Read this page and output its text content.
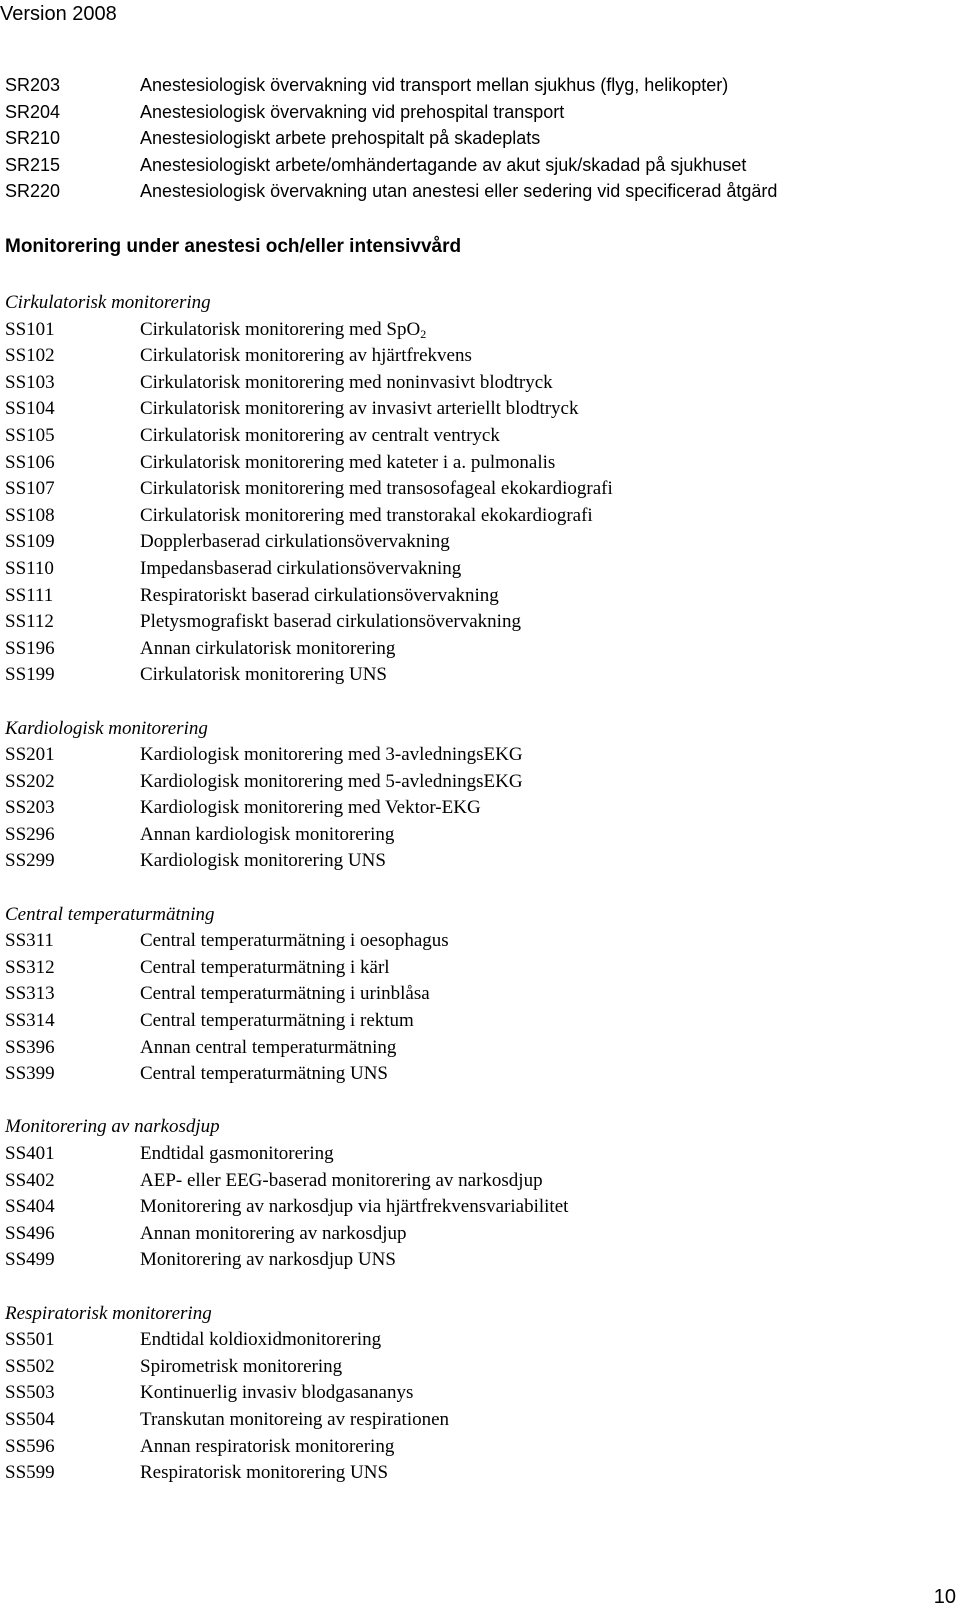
Version 2008
SR203	Anestesiologisk övervakning vid transport mellan sjukhus (flyg, helikopter)
SR204	Anestesiologisk övervakning vid prehospital transport
SR210	Anestesiologiskt arbete prehospitalt på skadeplats
SR215	Anestesiologiskt arbete/omhändertagande av akut sjuk/skadad på sjukhuset
SR220	Anestesiologisk övervakning utan anestesi eller sedering vid specificerad åtgärd
Monitorering under anestesi och/eller intensivvård
Cirkulatorisk monitorering
SS101	Cirkulatorisk monitorering med SpO$_2$
SS102	Cirkulatorisk monitorering av hjärtfrekvens
SS103	Cirkulatorisk monitorering med noninvasivt blodtryck
SS104	Cirkulatorisk monitorering av invasivt arteriellt blodtryck
SS105	Cirkulatorisk monitorering av centralt ventryck
SS106	Cirkulatorisk monitorering med kateter i a. pulmonalis
SS107	Cirkulatorisk monitorering med transosofageal ekokardiografi
SS108	Cirkulatorisk monitorering med transtorakal ekokardiografi
SS109	Dopplerbaserad cirkulationsövervakning
SS110	Impedansbaserad cirkulationsövervakning
SS111	Respiratoriskt baserad cirkulationsövervakning
SS112	Pletysmografiskt baserad cirkulationsövervakning
SS196	Annan cirkulatorisk monitorering
SS199	Cirkulatorisk monitorering UNS
Kardiologisk monitorering
SS201	Kardiologisk monitorering med 3-avledningsEKG
SS202	Kardiologisk monitorering med 5-avledningsEKG
SS203	Kardiologisk monitorering med Vektor-EKG
SS296	Annan kardiologisk monitorering
SS299	Kardiologisk monitorering UNS
Central temperaturmätning
SS311	Central temperaturmätning i oesophagus
SS312	Central temperaturmätning i kärl
SS313	Central temperaturmätning i urinblåsa
SS314	Central temperaturmätning i rektum
SS396	Annan central temperaturmätning
SS399	Central temperaturmätning UNS
Monitorering av narkosdjup
SS401	Endtidal gasmonitorering
SS402	AEP- eller EEG-baserad monitorering av narkosdjup
SS404	Monitorering av narkosdjup via hjärtfrekvensvariabilitet
SS496	Annan monitorering av narkosdjup
SS499	Monitorering av narkosdjup UNS
Respiratorisk monitorering
SS501	Endtidal koldioxidmonitorering
SS502	Spirometrisk monitorering
SS503	Kontinuerlig invasiv blodgasananys
SS504	Transkutan monitoreing av respirationen
SS596	Annan respiratorisk monitorering
SS599	Respiratorisk monitorering UNS
10
